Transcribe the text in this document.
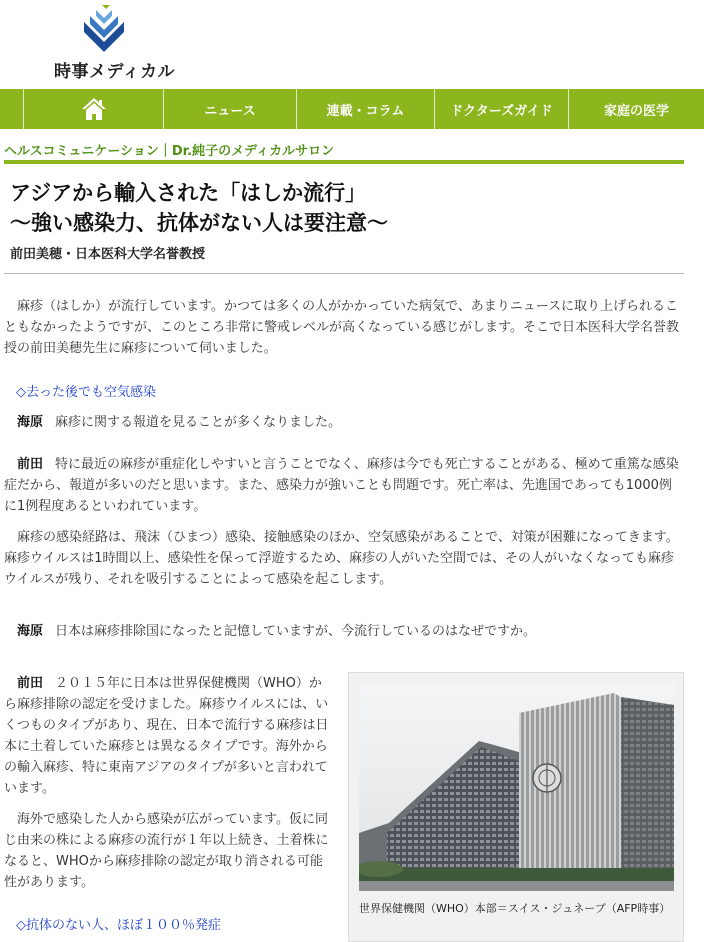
時事メディカル
ニュース	連載・コラム	ドクターズガイド	家庭の医学
ヘルスコミュニケーション｜Dr.純子のメディカルサロン
アジアから輸入された「はしか流行」
～強い感染力、抗体がない人は要注意～
前田美穂・日本医科大学名誉教授

麻疹（はしか）が流行しています。かつては多くの人がかかっていた病気で、あまりニュースに取り上げられることもなかったようですが、このところ非常に警戒レベルが高くなっている感じがします。そこで日本医科大学名誉教授の前田美穂先生に麻疹について伺いました。

◇去った後でも空気感染

海原 麻疹に関する報道を見ることが多くなりました。

前田 特に最近の麻疹が重症化しやすいと言うことでなく、麻疹は今でも死亡することがある、極めて重篤な感染症だから、報道が多いのだと思います。また、感染力が強いことも問題です。死亡率は、先進国であっても1000例に1例程度あるといわれています。

麻疹の感染経路は、飛沫（ひまつ）感染、接触感染のほか、空気感染があることで、対策が困難になってきます。麻疹ウイルスは1時間以上、感染性を保って浮遊するため、麻疹の人がいた空間では、その人がいなくなっても麻疹ウイルスが残り、それを吸引することによって感染を起こします。

海原 日本は麻疹排除国になったと記憶していますが、今流行しているのはなぜですか。

前田 ２０１５年に日本は世界保健機関（WHO）から麻疹排除の認定を受けました。麻疹ウイルスには、いくつものタイプがあり、現在、日本で流行する麻疹は日本に土着していた麻疹とは異なるタイプです。海外からの輸入麻疹、特に東南アジアのタイプが多いと言われています。

海外で感染した人から感染が広がっています。仮に同じ由来の株による麻疹の流行が１年以上続き、土着株になると、WHOから麻疹排除の認定が取り消される可能性があります。

◇抗体のない人、ほぼ１００％発症
世界保健機関（WHO）本部＝スイス・ジュネーブ（AFP時事）
